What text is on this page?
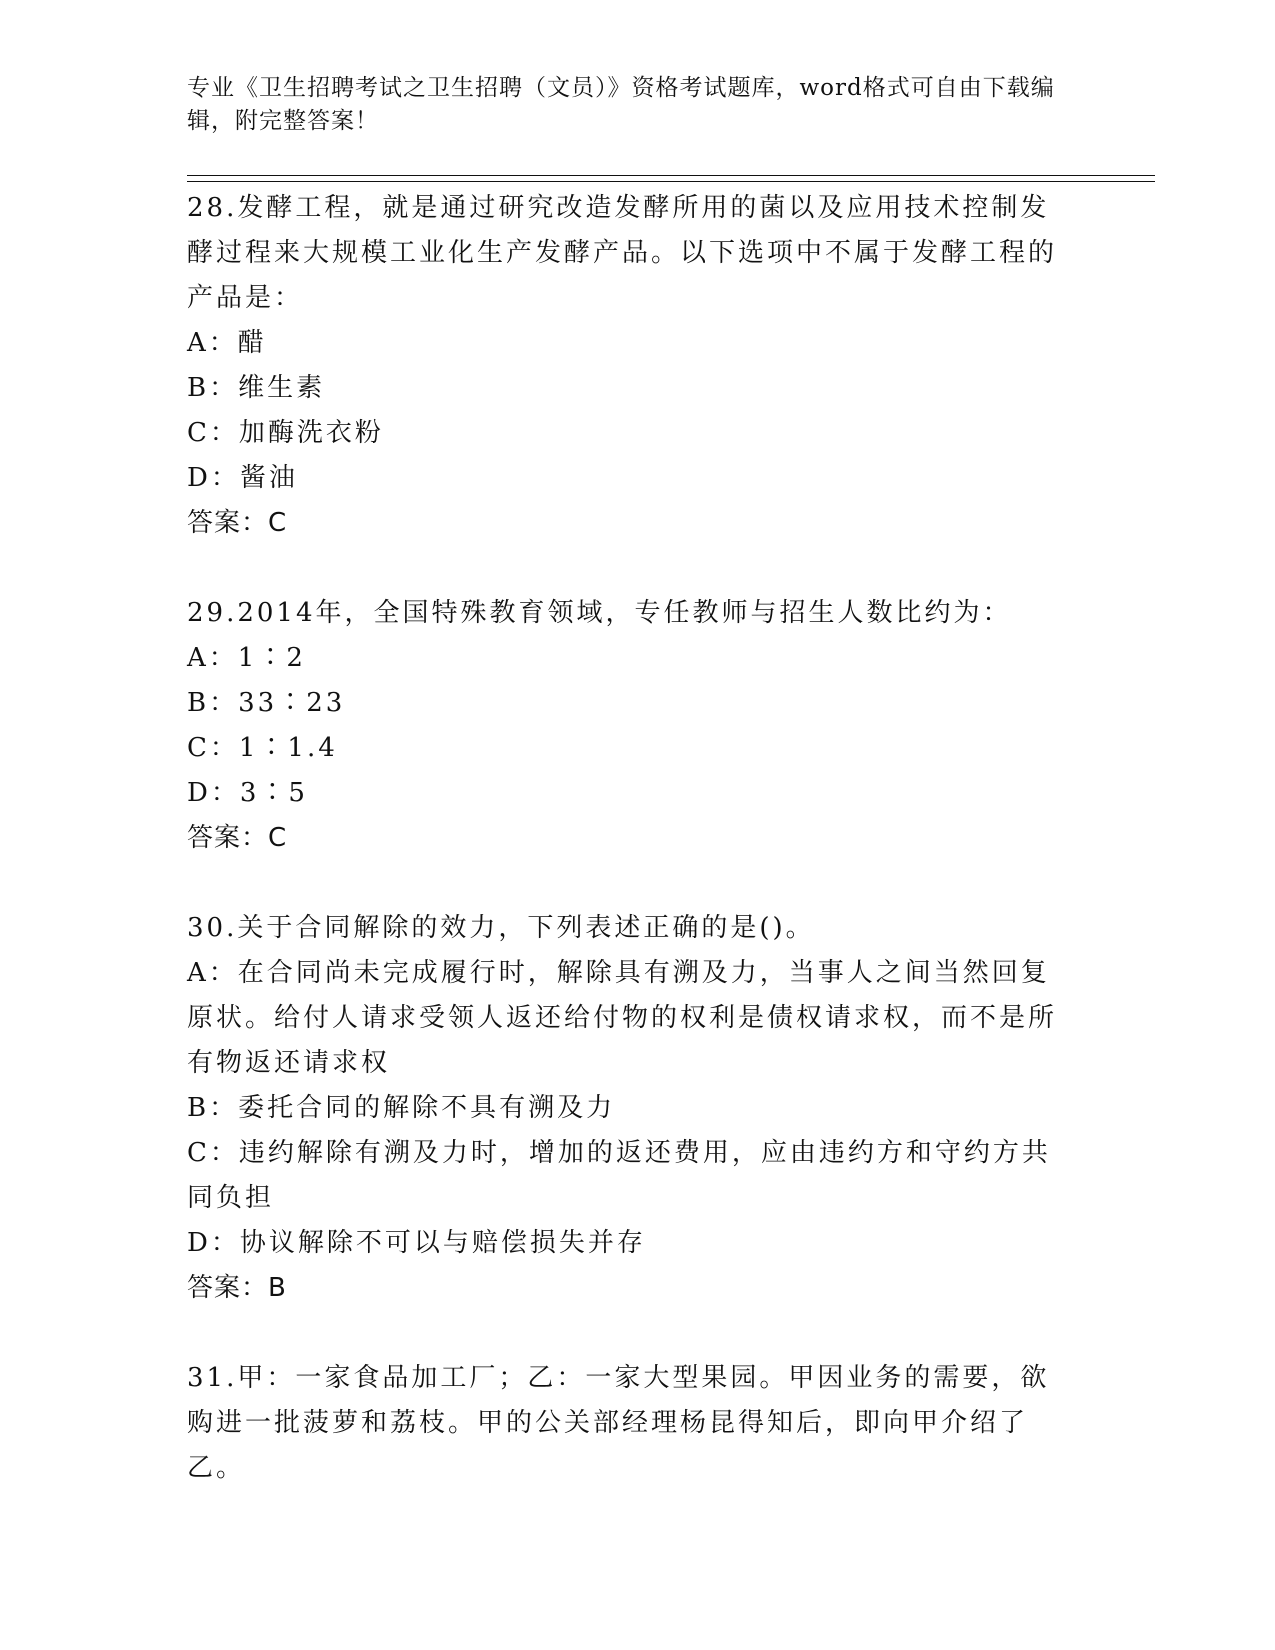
专业《卫生招聘考试之卫生招聘（文员）》资格考试题库，word格式可自由下载编辑，附完整答案！
28.发酵工程，就是通过研究改造发酵所用的菌以及应用技术控制发酵过程来大规模工业化生产发酵产品。以下选项中不属于发酵工程的产品是：
A：醋
B：维生素
C：加酶洗衣粉
D：酱油
答案：C
29.2014年，全国特殊教育领域，专任教师与招生人数比约为：
A：1∶2
B：33∶23
C：1∶1.4
D：3∶5
答案：C
30.关于合同解除的效力，下列表述正确的是()。
A：在合同尚未完成履行时，解除具有溯及力，当事人之间当然回复原状。给付人请求受领人返还给付物的权利是债权请求权，而不是所有物返还请求权
B：委托合同的解除不具有溯及力
C：违约解除有溯及力时，增加的返还费用，应由违约方和守约方共同负担
D：协议解除不可以与赔偿损失并存
答案：B
31.甲：一家食品加工厂；乙：一家大型果园。甲因业务的需要，欲购进一批菠萝和荔枝。甲的公关部经理杨昆得知后，即向甲介绍了乙。
